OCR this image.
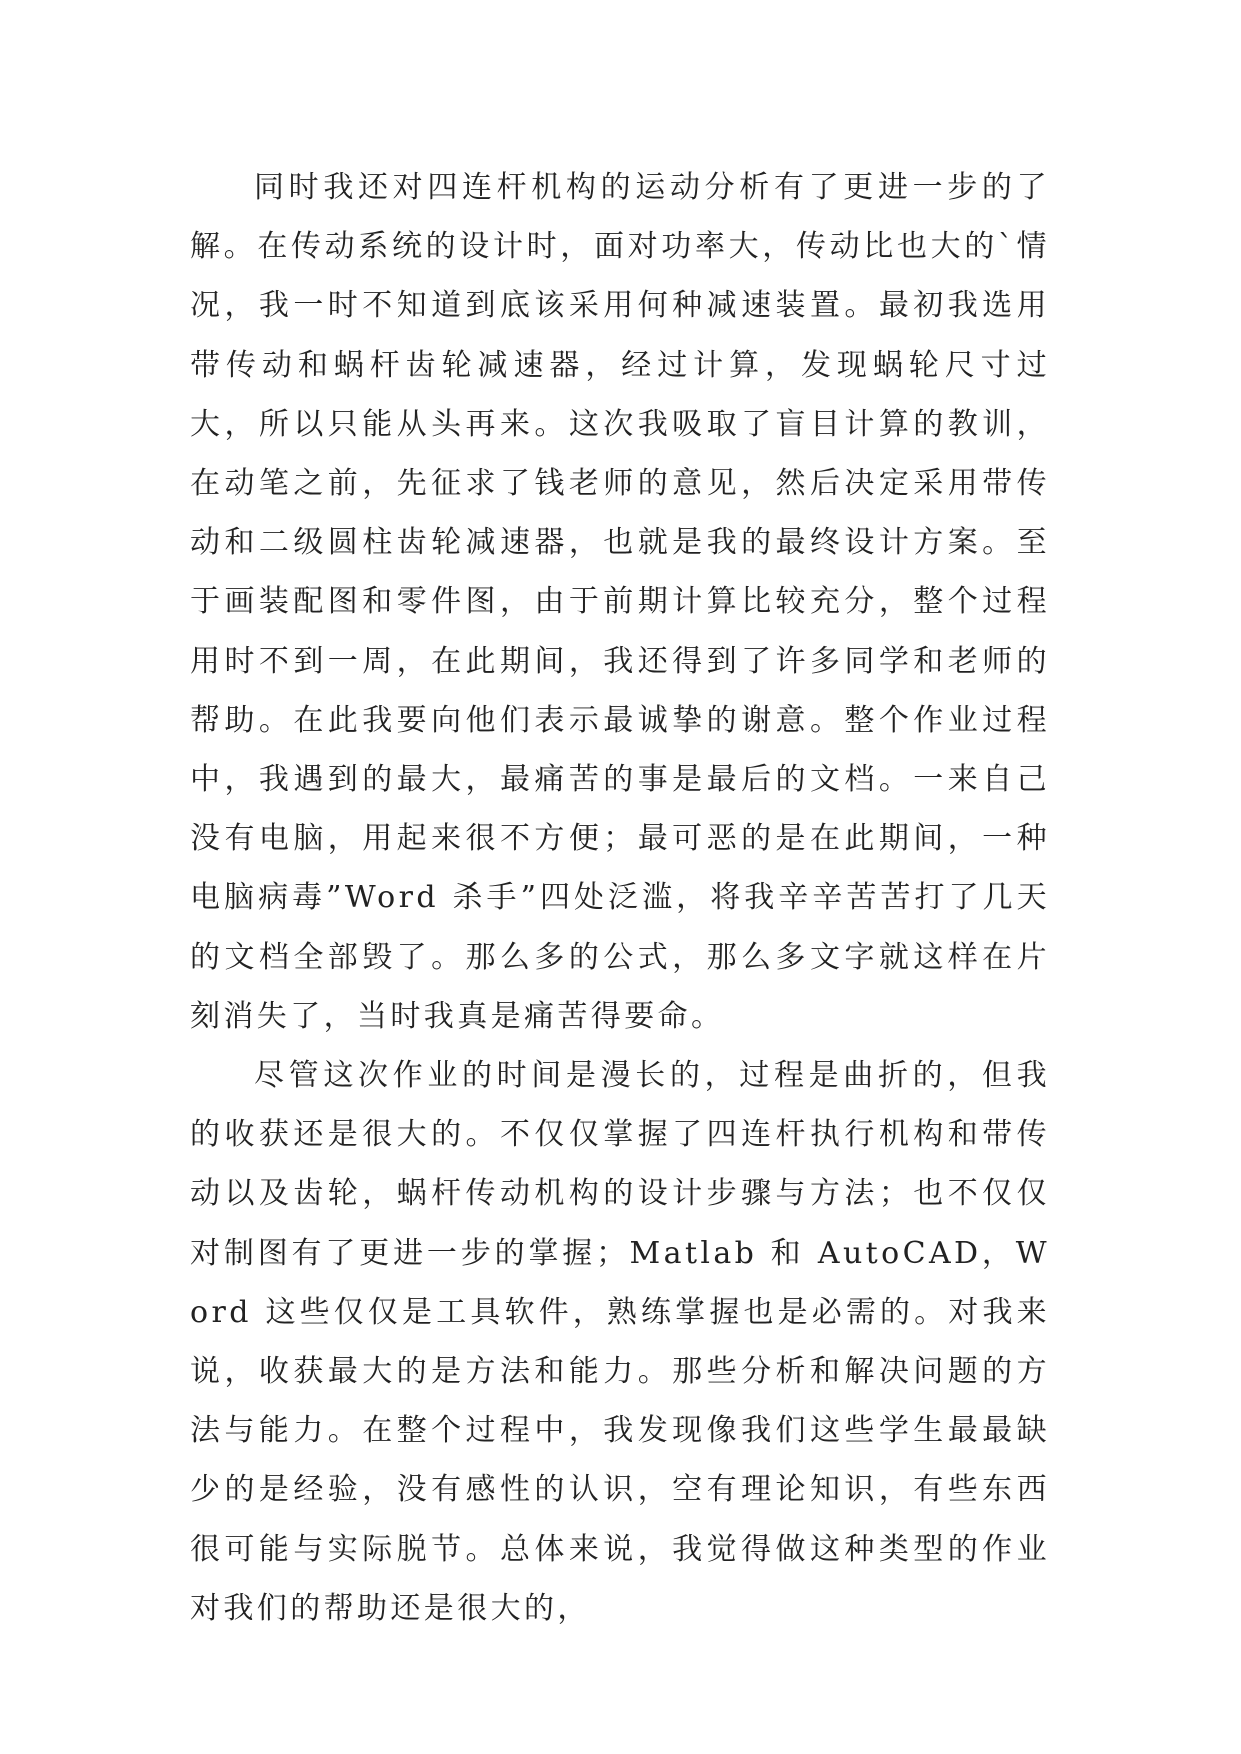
同时我还对四连杆机构的运动分析有了更进一步的了解。在传动系统的设计时，面对功率大，传动比也大的`情况，我一时不知道到底该采用何种减速装置。最初我选用带传动和蜗杆齿轮减速器，经过计算，发现蜗轮尺寸过大，所以只能从头再来。这次我吸取了盲目计算的教训，在动笔之前，先征求了钱老师的意见，然后决定采用带传动和二级圆柱齿轮减速器，也就是我的最终设计方案。至于画装配图和零件图，由于前期计算比较充分，整个过程用时不到一周，在此期间，我还得到了许多同学和老师的帮助。在此我要向他们表示最诚挚的谢意。整个作业过程中，我遇到的最大，最痛苦的事是最后的文档。一来自己没有电脑，用起来很不方便；最可恶的是在此期间，一种电脑病毒”Word 杀手”四处泛滥，将我辛辛苦苦打了几天的文档全部毁了。那么多的公式，那么多文字就这样在片刻消失了，当时我真是痛苦得要命。

尽管这次作业的时间是漫长的，过程是曲折的，但我的收获还是很大的。不仅仅掌握了四连杆执行机构和带传动以及齿轮，蜗杆传动机构的设计步骤与方法；也不仅仅对制图有了更进一步的掌握；Matlab 和 AutoCAD，Word 这些仅仅是工具软件，熟练掌握也是必需的。对我来说，收获最大的是方法和能力。那些分析和解决问题的方法与能力。在整个过程中，我发现像我们这些学生最最缺少的是经验，没有感性的认识，空有理论知识，有些东西很可能与实际脱节。总体来说，我觉得做这种类型的作业对我们的帮助还是很大的，
